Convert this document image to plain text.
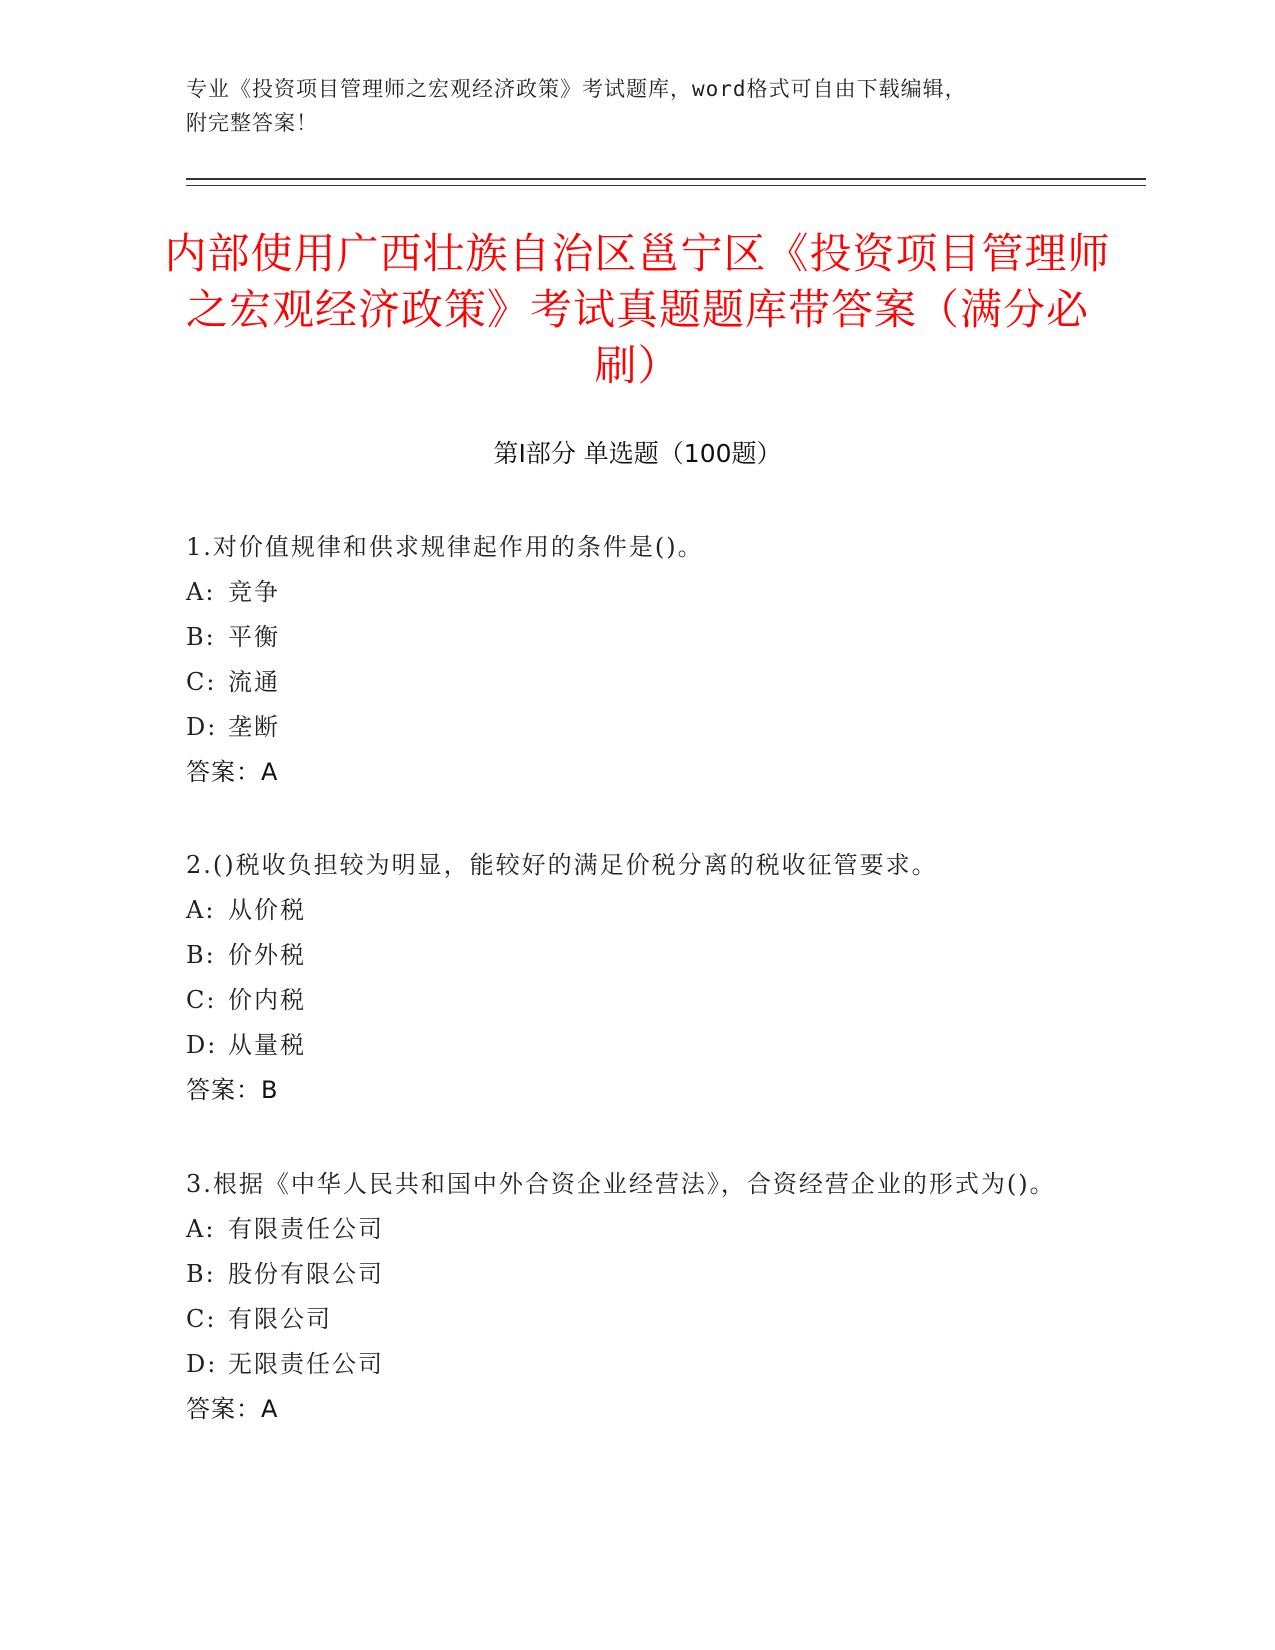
专业《投资项目管理师之宏观经济政策》考试题库，word格式可自由下载编辑，
附完整答案！
内部使用广西壮族自治区邕宁区《投资项目管理师之宏观经济政策》考试真题题库带答案（满分必刷）
第I部分 单选题（100题）
1.对价值规律和供求规律起作用的条件是()。
A: 竞争
B: 平衡
C: 流通
D: 垄断
答案：A
2.()税收负担较为明显，能较好的满足价税分离的税收征管要求。
A: 从价税
B: 价外税
C: 价内税
D: 从量税
答案：B
3.根据《中华人民共和国中外合资企业经营法》，合资经营企业的形式为()。
A: 有限责任公司
B: 股份有限公司
C: 有限公司
D: 无限责任公司
答案：A
